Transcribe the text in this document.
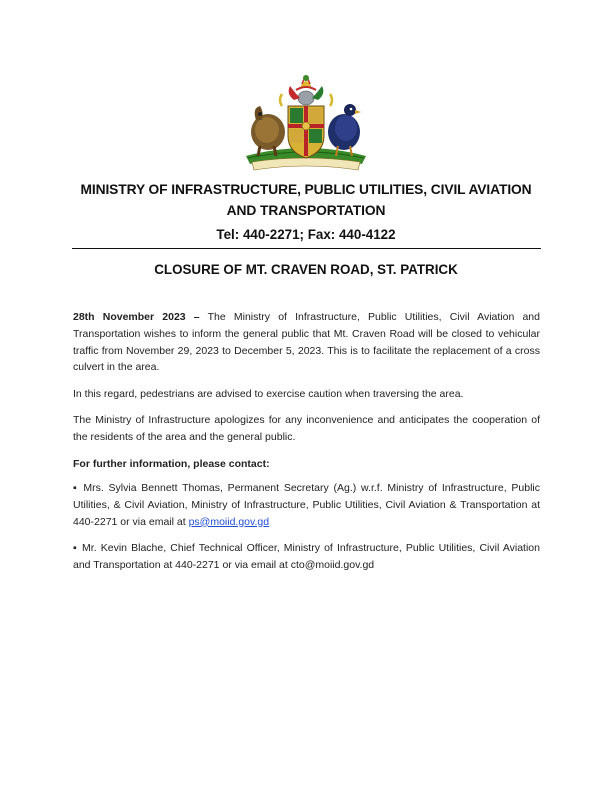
MINISTRY OF INFRASTRUCTURE, PUBLIC UTILITIES, CIVIL AVIATION
AND TRANSPORTATION
Tel: 440-2271; Fax: 440-4122
CLOSURE OF MT. CRAVEN ROAD, ST. PATRICK
28th November 2023 – The Ministry of Infrastructure, Public Utilities, Civil Aviation and Transportation wishes to inform the general public that Mt. Craven Road will be closed to vehicular traffic from November 29, 2023 to December 5, 2023. This is to facilitate the replacement of a cross culvert in the area.
In this regard, pedestrians are advised to exercise caution when traversing the area.
The Ministry of Infrastructure apologizes for any inconvenience and anticipates the cooperation of the residents of the area and the general public.
For further information, please contact:
▪ Mrs. Sylvia Bennett Thomas, Permanent Secretary (Ag.) w.r.f. Ministry of Infrastructure, Public Utilities, & Civil Aviation, Ministry of Infrastructure, Public Utilities, Civil Aviation & Transportation at 440-2271 or via email at ps@moiid.gov.gd
▪ Mr. Kevin Blache, Chief Technical Officer, Ministry of Infrastructure, Public Utilities, Civil Aviation and Transportation at 440-2271 or via email at cto@moiid.gov.gd
